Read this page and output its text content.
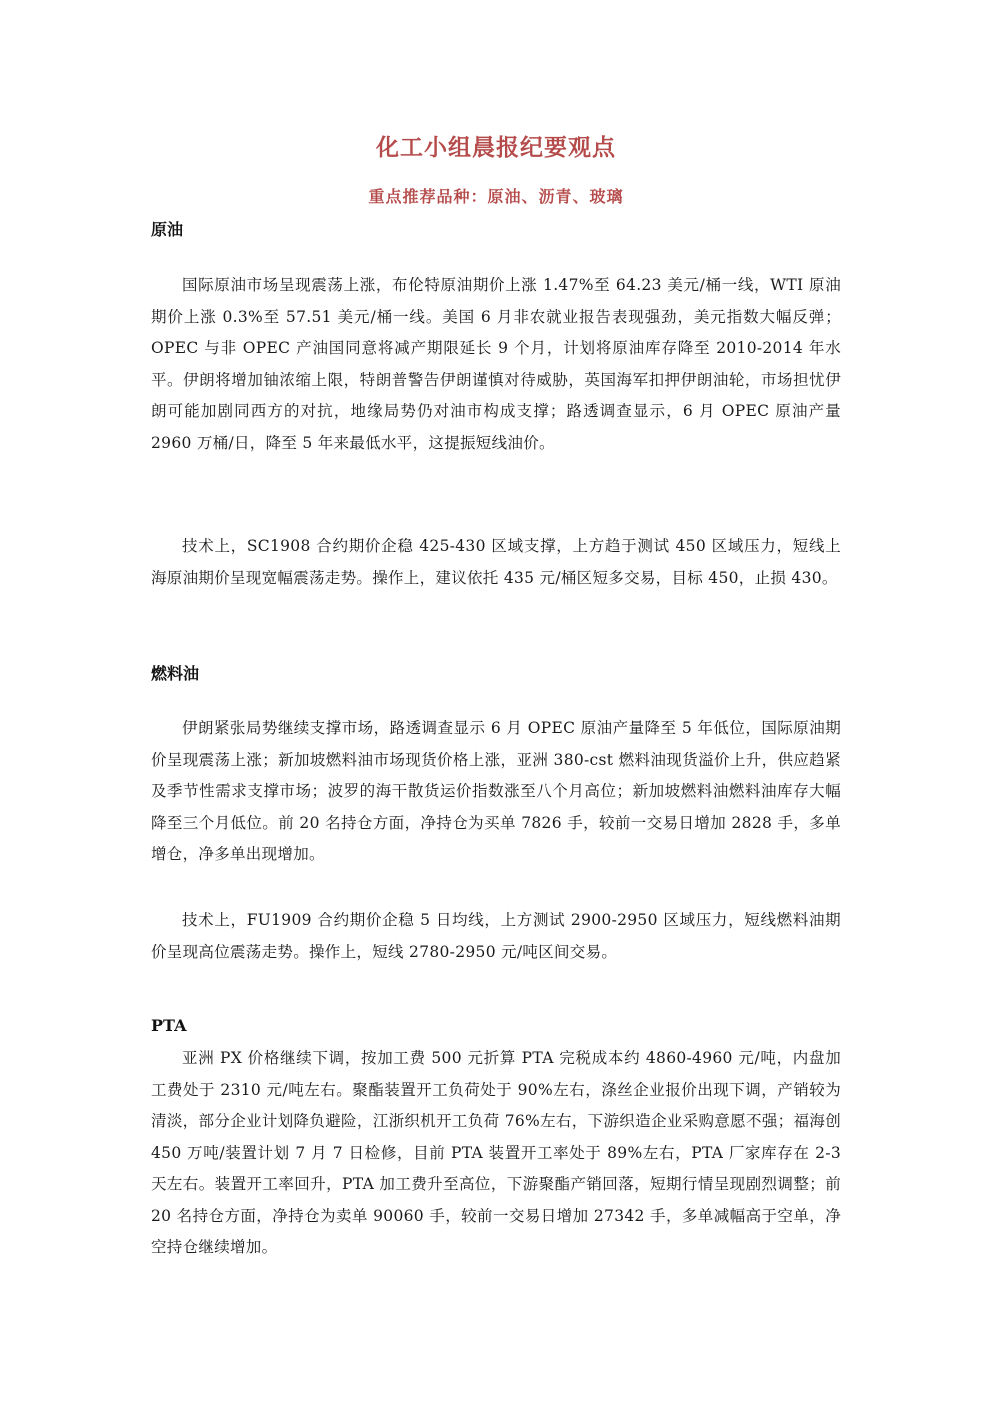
化工小组晨报纪要观点
重点推荐品种：原油、沥青、玻璃
原油
国际原油市场呈现震荡上涨，布伦特原油期价上涨 1.47%至 64.23 美元/桶一线，WTI 原油期价上涨 0.3%至 57.51 美元/桶一线。美国 6 月非农就业报告表现强劲，美元指数大幅反弹；OPEC 与非 OPEC 产油国同意将减产期限延长 9 个月，计划将原油库存降至 2010-2014 年水平。伊朗将增加铀浓缩上限，特朗普警告伊朗谨慎对待威胁，英国海军扣押伊朗油轮，市场担忧伊朗可能加剧同西方的对抗，地缘局势仍对油市构成支撑；路透调查显示，6 月 OPEC 原油产量 2960 万桶/日，降至 5 年来最低水平，这提振短线油价。
技术上，SC1908 合约期价企稳 425-430 区域支撑，上方趋于测试 450 区域压力，短线上海原油期价呈现宽幅震荡走势。操作上，建议依托 435 元/桶区短多交易，目标 450，止损 430。
燃料油
伊朗紧张局势继续支撑市场，路透调查显示 6 月 OPEC 原油产量降至 5 年低位，国际原油期价呈现震荡上涨；新加坡燃料油市场现货价格上涨，亚洲 380-cst 燃料油现货溢价上升，供应趋紧及季节性需求支撑市场；波罗的海干散货运价指数涨至八个月高位；新加坡燃料油燃料油库存大幅降至三个月低位。前 20 名持仓方面，净持仓为买单 7826 手，较前一交易日增加 2828 手，多单增仓，净多单出现增加。
技术上，FU1909 合约期价企稳 5 日均线，上方测试 2900-2950 区域压力，短线燃料油期价呈现高位震荡走势。操作上，短线 2780-2950 元/吨区间交易。
PTA
亚洲 PX 价格继续下调，按加工费 500 元折算 PTA 完税成本约 4860-4960 元/吨，内盘加工费处于 2310 元/吨左右。聚酯装置开工负荷处于 90%左右，涤丝企业报价出现下调，产销较为清淡，部分企业计划降负避险，江浙织机开工负荷 76%左右，下游织造企业采购意愿不强；福海创 450 万吨/装置计划 7 月 7 日检修，目前 PTA 装置开工率处于 89%左右，PTA 厂家库存在 2-3 天左右。装置开工率回升，PTA 加工费升至高位，下游聚酯产销回落，短期行情呈现剧烈调整；前 20 名持仓方面，净持仓为卖单 90060 手，较前一交易日增加 27342 手，多单减幅高于空单，净空持仓继续增加。
